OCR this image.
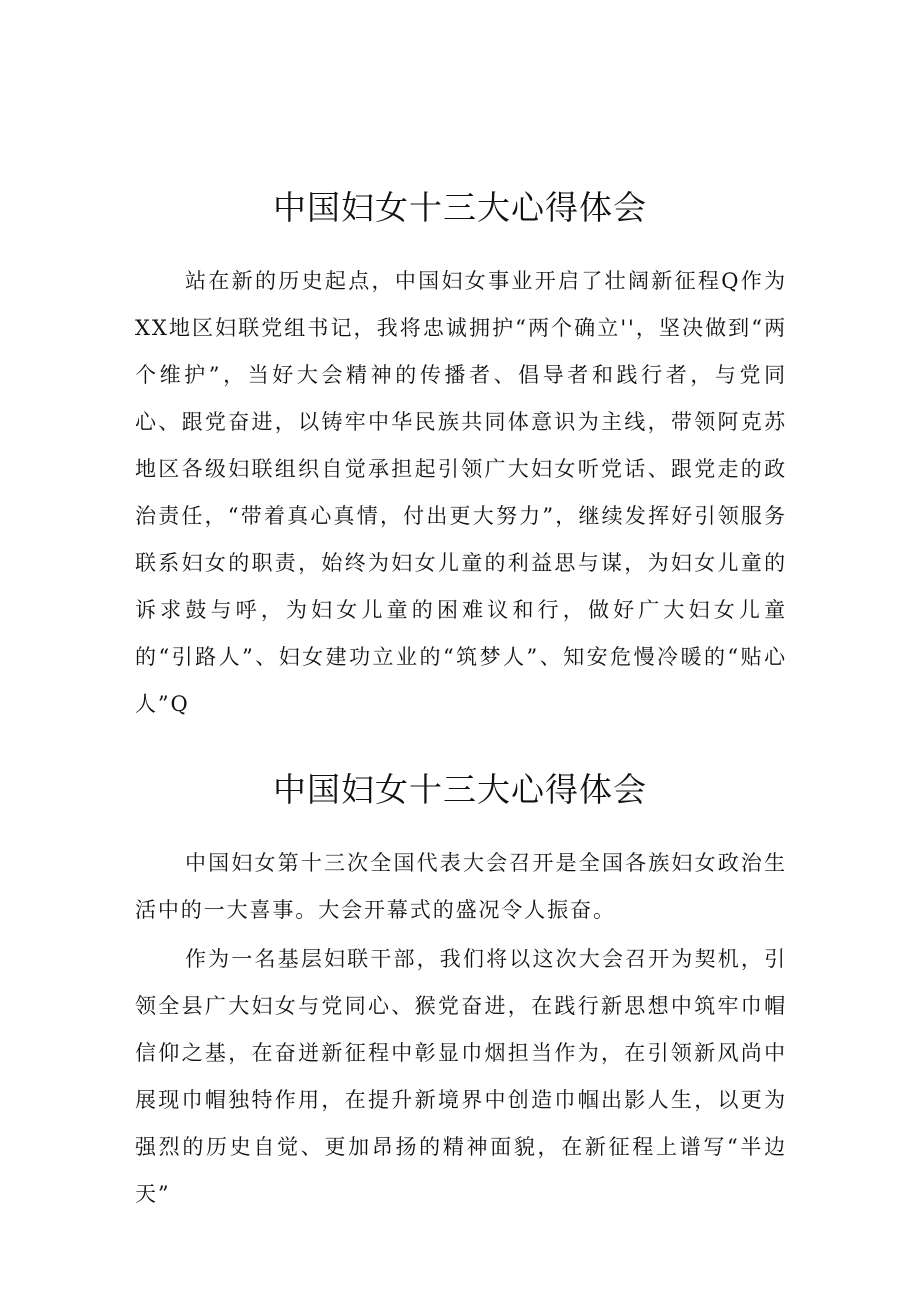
中国妇女十三大心得体会

站在新的历史起点，中国妇女事业开启了壮阔新征程Q作为XX地区妇联党组书记，我将忠诚拥护“两个确立''，坚决做到“两个维护”，当好大会精神的传播者、倡导者和践行者，与党同心、跟党奋进，以铸牢中华民族共同体意识为主线，带领阿克苏地区各级妇联组织自觉承担起引领广大妇女听党话、跟党走的政治责任，“带着真心真情，付出更大努力”，继续发挥好引领服务联系妇女的职责，始终为妇女儿童的利益思与谋，为妇女儿童的诉求鼓与呼，为妇女儿童的困难议和行，做好广大妇女儿童的“引路人”、妇女建功立业的“筑梦人”、知安危慢冷暖的“贴心人”Q

中国妇女十三大心得体会

中国妇女第十三次全国代表大会召开是全国各族妇女政治生活中的一大喜事。大会开幕式的盛况令人振奋。

作为一名基层妇联干部，我们将以这次大会召开为契机，引领全县广大妇女与党同心、猴党奋进，在践行新思想中筑牢巾帽信仰之基，在奋迸新征程中彰显巾烟担当作为，在引领新风尚中展现巾帽独特作用，在提升新境界中创造巾帼出影人生，以更为强烈的历史自觉、更加昂扬的精神面貌，在新征程上谱写“半边天”
